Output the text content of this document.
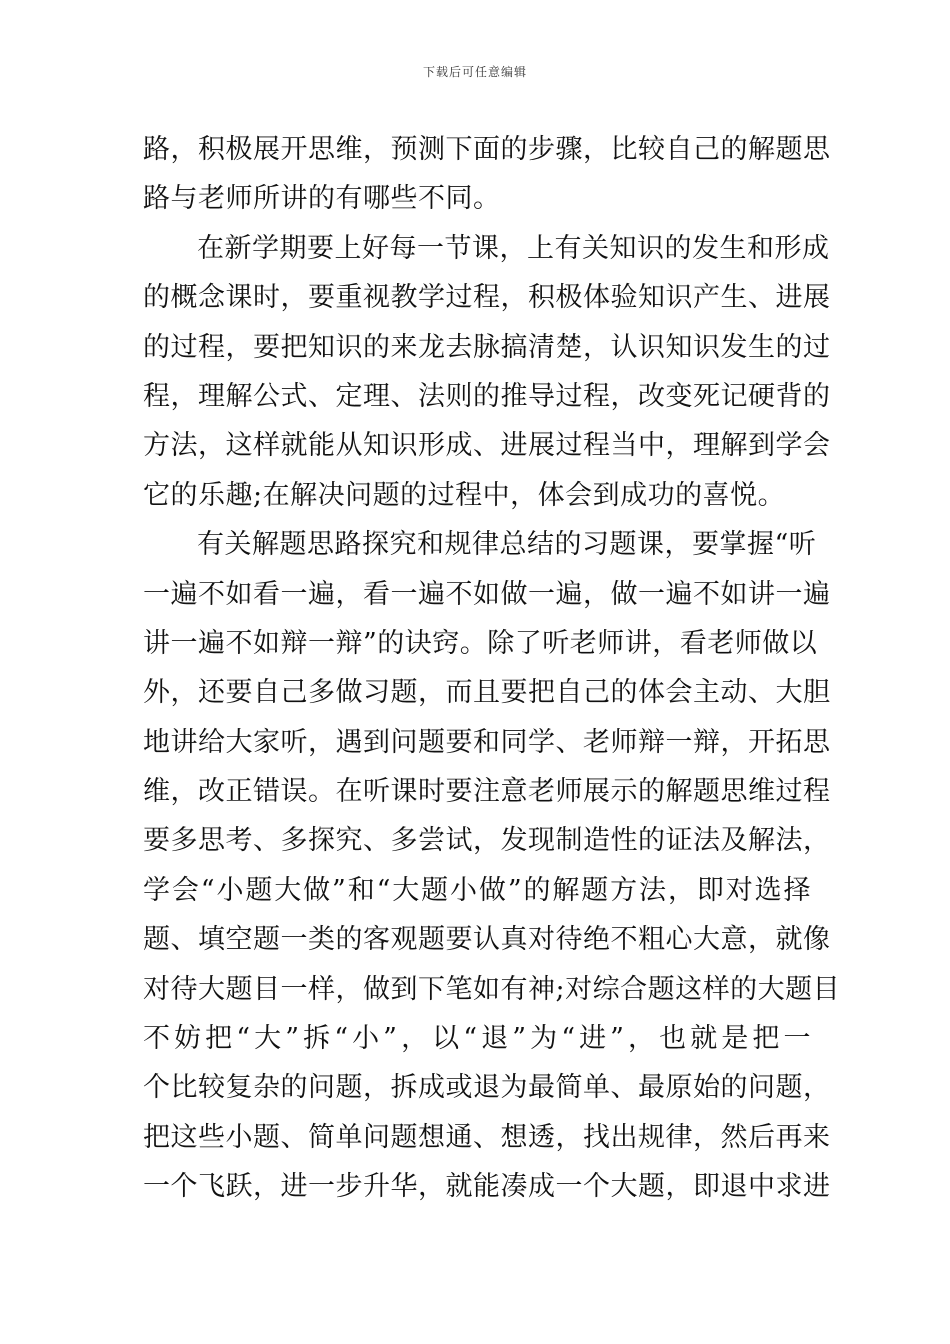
下载后可任意编辑
路，积极展开思维，预测下面的步骤，比较自己的解题思
路与老师所讲的有哪些不同。
在新学期要上好每一节课，上有关知识的发生和形成
的概念课时，要重视教学过程，积极体验知识产生、进展
的过程，要把知识的来龙去脉搞清楚，认识知识发生的过
程，理解公式、定理、法则的推导过程，改变死记硬背的
方法，这样就能从知识形成、进展过程当中，理解到学会
它的乐趣;在解决问题的过程中，体会到成功的喜悦。
有关解题思路探究和规律总结的习题课，要掌握“听
一遍不如看一遍，看一遍不如做一遍，做一遍不如讲一遍
讲一遍不如辩一辩”的诀窍。除了听老师讲，看老师做以
外，还要自己多做习题，而且要把自己的体会主动、大胆
地讲给大家听，遇到问题要和同学、老师辩一辩，开拓思
维，改正错误。在听课时要注意老师展示的解题思维过程
要多思考、多探究、多尝试，发现制造性的证法及解法，
学会“小题大做”和“大题小做”的解题方法，即对选择
题、填空题一类的客观题要认真对待绝不粗心大意，就像
对待大题目一样，做到下笔如有神;对综合题这样的大题目
不妨把“大”拆“小”，以“退”为“进”，也就是把一
个比较复杂的问题，拆成或退为最简单、最原始的问题，
把这些小题、简单问题想通、想透，找出规律，然后再来
一个飞跃，进一步升华，就能凑成一个大题，即退中求进
